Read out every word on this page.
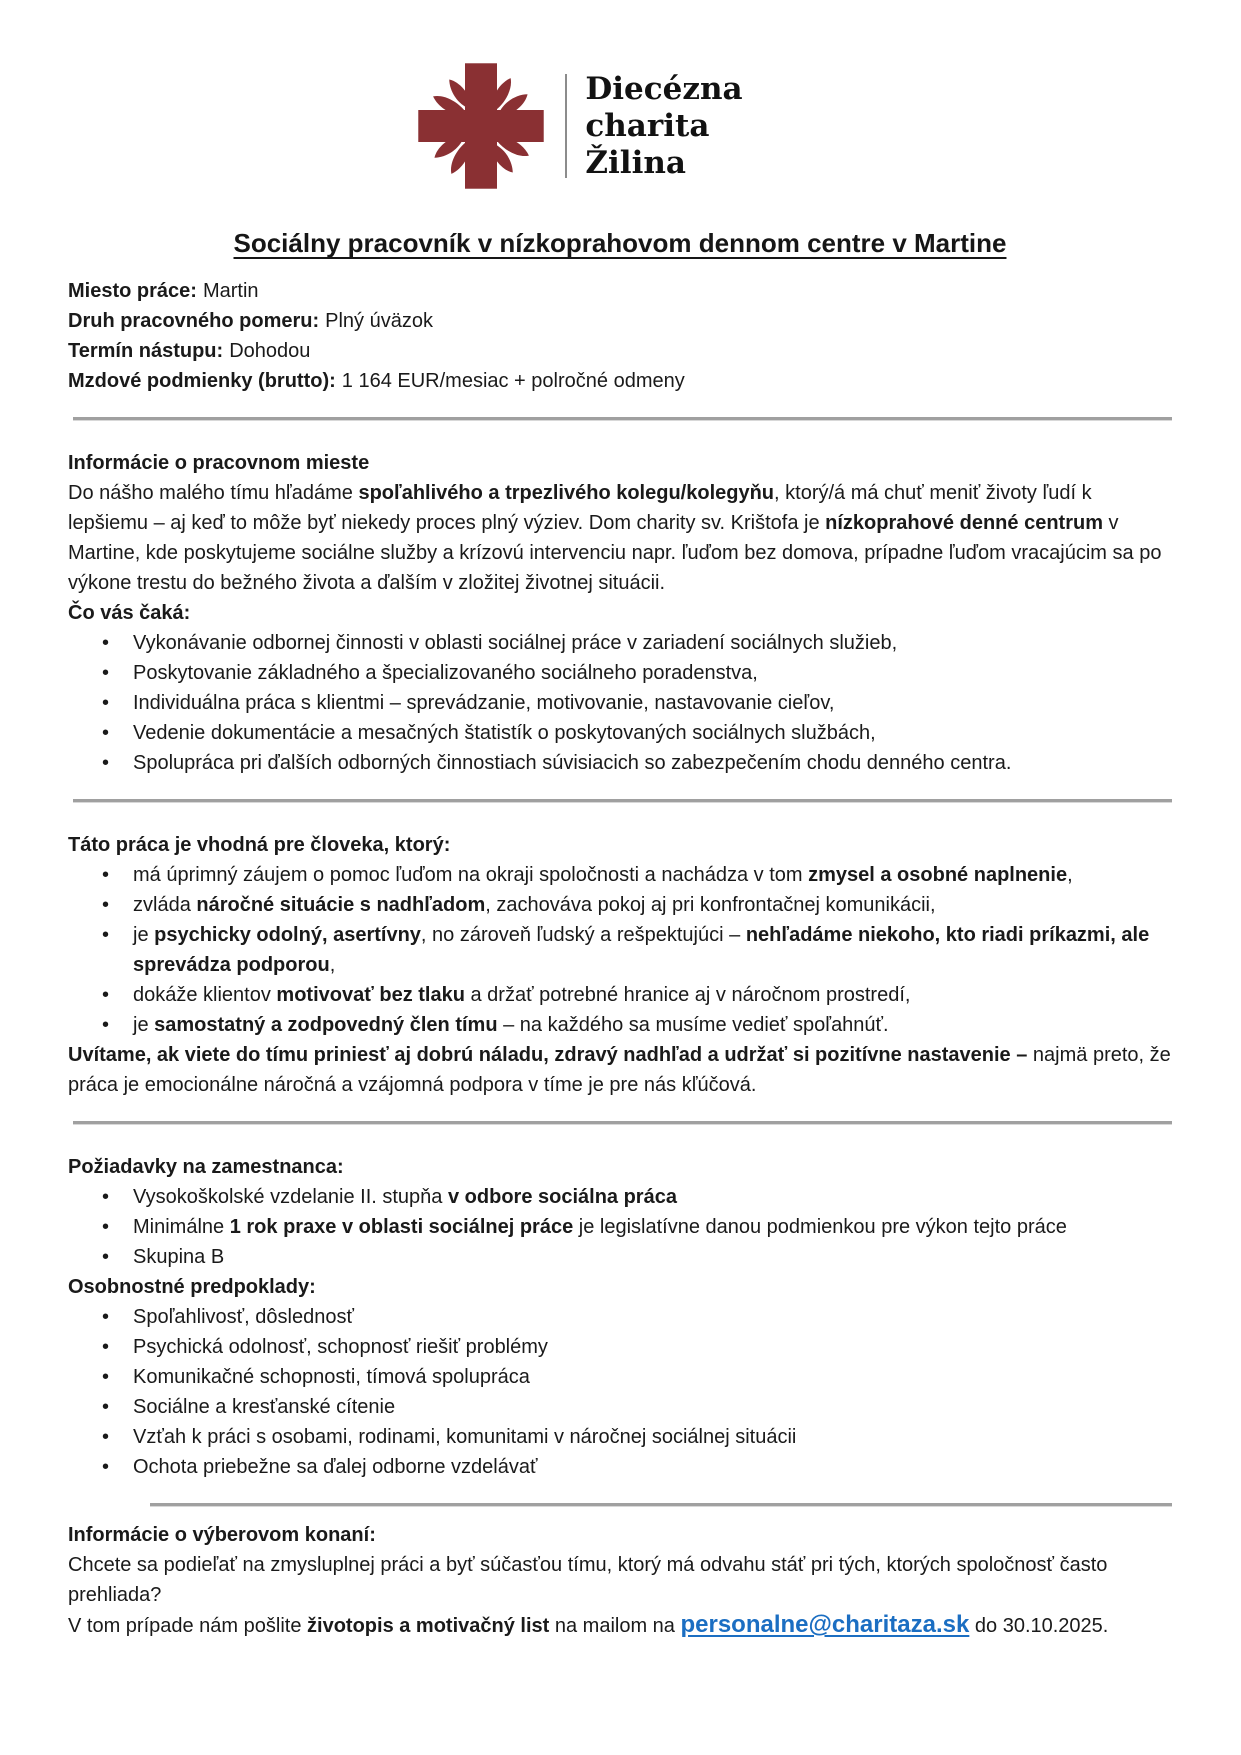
Diecézna
charita
Žilina
Sociálny pracovník v nízkoprahovom dennom centre v Martine

Miesto práce: Martin

Druh pracovného pomeru: Plný úväzok

Termín nástupu: Dohodou

Mzdové podmienky (brutto): 1 164 EUR/mesiac + polročné odmeny

Informácie o pracovnom mieste

Do nášho malého tímu hľadáme spoľahlivého a trpezlivého kolegu/kolegyňu, ktorý/á má chuť meniť životy ľudí k lepšiemu – aj keď to môže byť niekedy proces plný výziev. Dom charity sv. Krištofa je nízkoprahové denné centrum v Martine, kde poskytujeme sociálne služby a krízovú intervenciu napr. ľuďom bez domova, prípadne ľuďom vracajúcim sa po výkone trestu do bežného života a ďalším v zložitej životnej situácii.

Čo vás čaká:

• Vykonávanie odbornej činnosti v oblasti sociálnej práce v zariadení sociálnych služieb,
• Poskytovanie základného a špecializovaného sociálneho poradenstva,
• Individuálna práca s klientmi – sprevádzanie, motivovanie, nastavovanie cieľov,
• Vedenie dokumentácie a mesačných štatistík o poskytovaných sociálnych službách,
• Spolupráca pri ďalších odborných činnostiach súvisiacich so zabezpečením chodu denného centra.

Táto práca je vhodná pre človeka, ktorý:

• má úprimný záujem o pomoc ľuďom na okraji spoločnosti a nachádza v tom zmysel a osobné naplnenie,
• zvláda náročné situácie s nadhľadom, zachováva pokoj aj pri konfrontačnej komunikácii,
• je psychicky odolný, asertívny, no zároveň ľudský a rešpektujúci – nehľadáme niekoho, kto riadi príkazmi, ale sprevádza podporou,
• dokáže klientov motivovať bez tlaku a držať potrebné hranice aj v náročnom prostredí,
• je samostatný a zodpovedný člen tímu – na každého sa musíme vedieť spoľahnúť.

Uvítame, ak viete do tímu priniesť aj dobrú náladu, zdravý nadhľad a udržať si pozitívne nastavenie – najmä preto, že práca je emocionálne náročná a vzájomná podpora v tíme je pre nás kľúčová.

Požiadavky na zamestnanca:

• Vysokoškolské vzdelanie II. stupňa v odbore sociálna práca
• Minimálne 1 rok praxe v oblasti sociálnej práce je legislatívne danou podmienkou pre výkon tejto práce
• Skupina B

Osobnostné predpoklady:

• Spoľahlivosť, dôslednosť
• Psychická odolnosť, schopnosť riešiť problémy
• Komunikačné schopnosti, tímová spolupráca
• Sociálne a kresťanské cítenie
• Vzťah k práci s osobami, rodinami, komunitami v náročnej sociálnej situácii
• Ochota priebežne sa ďalej odborne vzdelávať

Informácie o výberovom konaní:

Chcete sa podieľať na zmysluplnej práci a byť súčasťou tímu, ktorý má odvahu stáť pri tých, ktorých spoločnosť často prehliada?

V tom prípade nám pošlite životopis a motivačný list na mailom na personalne@charitaza.sk do 30.10.2025.
